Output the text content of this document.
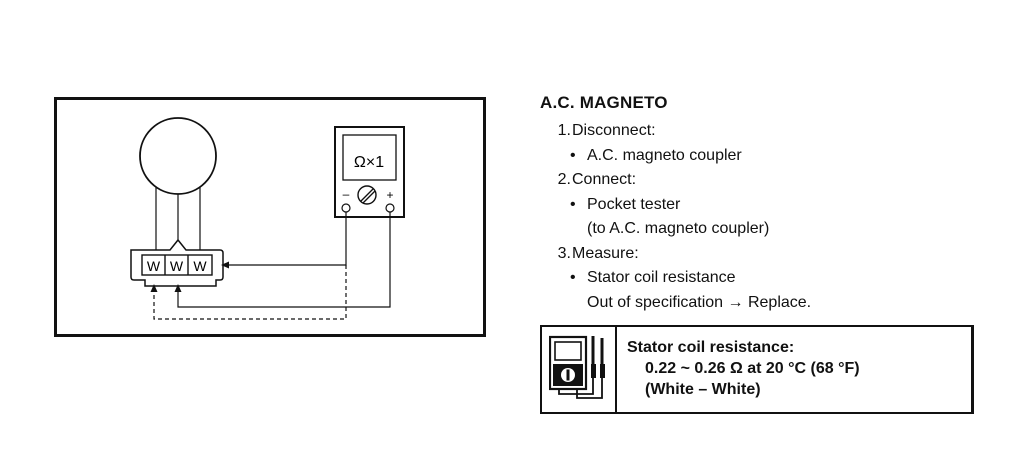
W W W
Ω×1
–	+
A.C. MAGNETO
1.Disconnect:
• A.C. magneto coupler
2.Connect:
• Pocket tester
(to A.C. magneto coupler)
3.Measure:
• Stator coil resistance
Out of specification → Replace.
Stator coil resistance:
0.22 ~ 0.26 Ω at 20 °C (68 °F)
(White – White)
